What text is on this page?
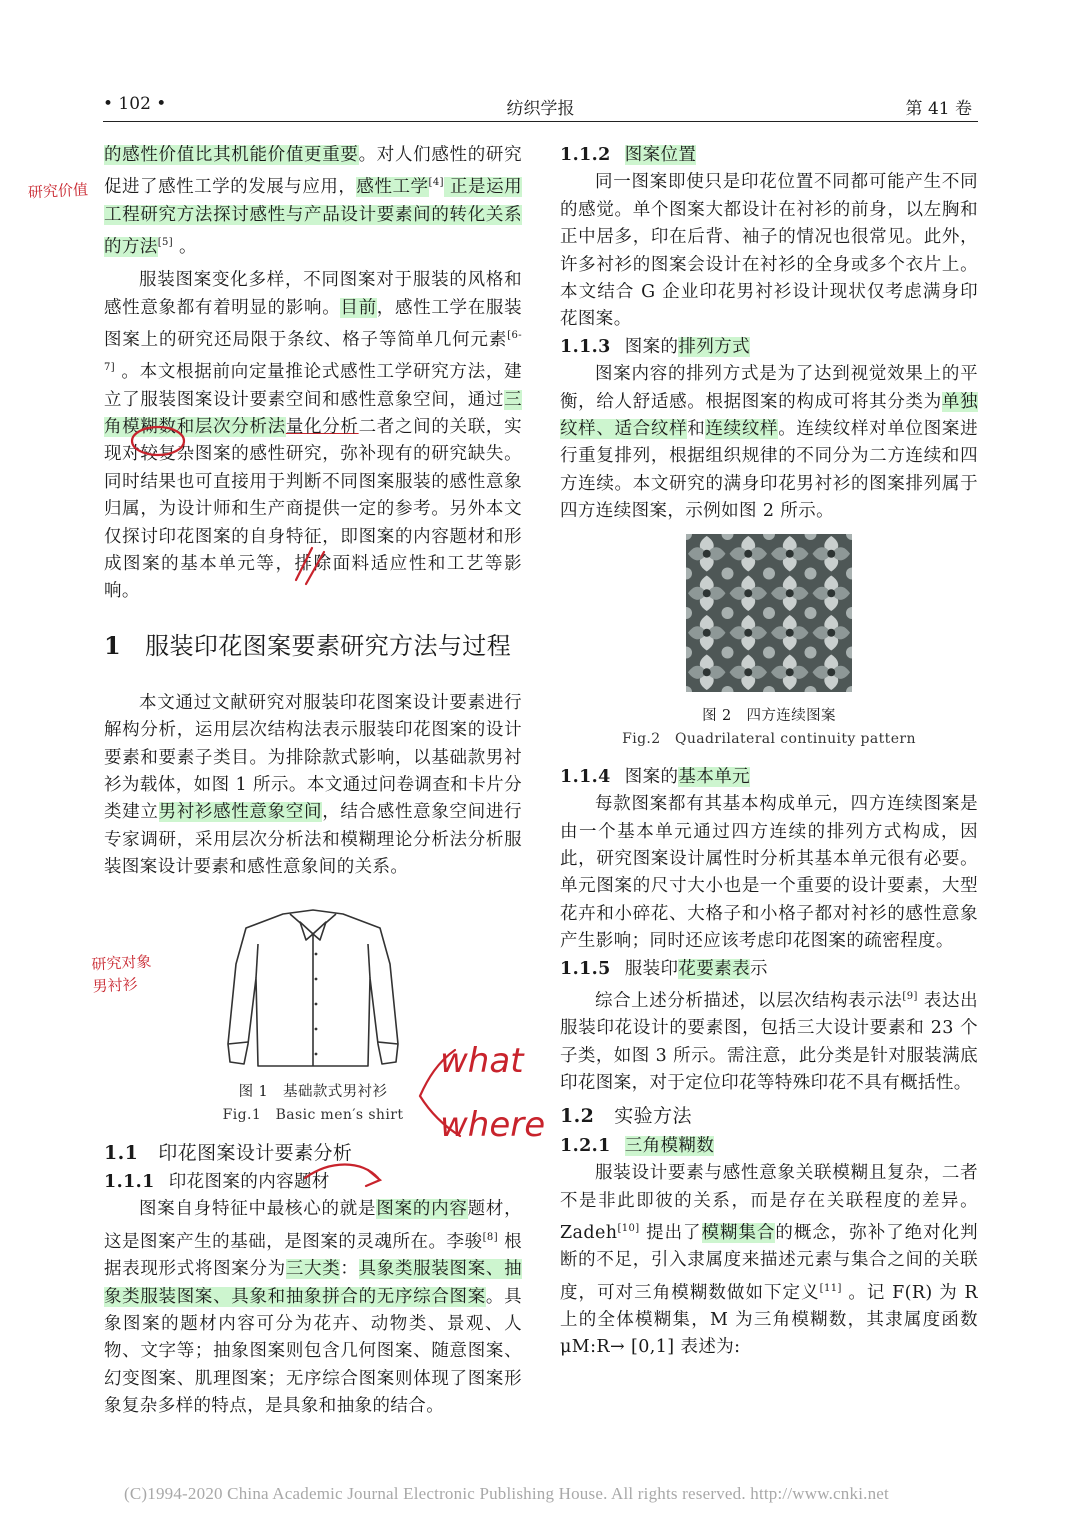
• 102 •	纺织学报	第 41 卷
研究价值
研究对象
男衬衫

的感性价值比其机能价值更重要。对人们感性的研究促进了感性工学的发展与应用，感性工学[4] 正是运用工程研究方法探讨感性与产品设计要素间的转化关系的方法[5] 。

服装图案变化多样，不同图案对于服装的风格和感性意象都有着明显的影响。目前，感性工学在服装图案上的研究还局限于条纹、格子等简单几何元素[6-7] 。本文根据前向定量推论式感性工学研究方法，建立了服装图案设计要素空间和感性意象空间，通过三角模糊数和层次分析法量化分析二者之间的关联，实现对较复杂图案的感性研究，弥补现有的研究缺失。同时结果也可直接用于判断不同图案服装的感性意象归属，为设计师和生产商提供一定的参考。另外本文仅探讨印花图案的自身特征，即图案的内容题材和形成图案的基本单元等，排除面料适应性和工艺等影响。

1 服装印花图案要素研究方法与过程

本文通过文献研究对服装印花图案设计要素进行解构分析，运用层次结构法表示服装印花图案的设计要素和要素子类目。为排除款式影响，以基础款男衬衫为载体，如图 1 所示。本文通过问卷调查和卡片分类建立男衬衫感性意象空间，结合感性意象空间进行专家调研，采用层次分析法和模糊理论分析法分析服装图案设计要素和感性意象间的关系。

图 1　基础款式男衬衫
Fig.1　Basic men′s shirt
1.1 印花图案设计要素分析
1.1.1 印花图案的内容题材

图案自身特征中最核心的就是图案的内容题材，这是图案产生的基础，是图案的灵魂所在。李骏[8] 根据表现形式将图案分为三大类：具象类服装图案、抽象类服装图案、具象和抽象拼合的无序综合图案。具象图案的题材内容可分为花卉、动物类、景观、人物、文字等；抽象图案则包含几何图案、随意图案、幻变图案、肌理图案；无序综合图案则体现了图案形象复杂多样的特点，是具象和抽象的结合。

1.1.2 图案位置

同一图案即使只是印花位置不同都可能产生不同的感觉。单个图案大都设计在衬衫的前身，以左胸和正中居多，印在后背、袖子的情况也很常见。此外，许多衬衫的图案会设计在衬衫的全身或多个衣片上。本文结合 G 企业印花男衬衫设计现状仅考虑满身印花图案。

1.1.3 图案的排列方式

图案内容的排列方式是为了达到视觉效果上的平衡，给人舒适感。根据图案的构成可将其分类为单独纹样、适合纹样和连续纹样。连续纹样对单位图案进行重复排列，根据组织规律的不同分为二方连续和四方连续。本文研究的满身印花男衬衫的图案排列属于四方连续图案，示例如图 2 所示。

图 2　四方连续图案
Fig.2　Quadrilateral continuity pattern
1.1.4 图案的基本单元

每款图案都有其基本构成单元，四方连续图案是由一个基本单元通过四方连续的排列方式构成，因此，研究图案设计属性时分析其基本单元很有必要。单元图案的尺寸大小也是一个重要的设计要素，大型花卉和小碎花、大格子和小格子都对衬衫的感性意象产生影响；同时还应该考虑印花图案的疏密程度。

1.1.5 服装印花要素表示

综合上述分析描述，以层次结构表示法[9] 表达出服装印花设计的要素图，包括三大设计要素和 23 个子类，如图 3 所示。需注意，此分类是针对服装满底印花图案，对于定位印花等特殊印花不具有概括性。

1.2 实验方法
1.2.1 三角模糊数

服装设计要素与感性意象关联模糊且复杂，二者不是非此即彼的关系，而是存在关联程度的差异。Zadeh[10] 提出了模糊集合的概念，弥补了绝对化判断的不足，引入隶属度来描述元素与集合之间的关联度，可对三角模糊数做如下定义[11] 。记 F(R) 为 R 上的全体模糊集，M 为三角模糊数，其隶属度函数 μM:R→ [0,1] 表述为:

what
where
(C)1994-2020 China Academic Journal Electronic Publishing House. All rights reserved. http://www.cnki.net
